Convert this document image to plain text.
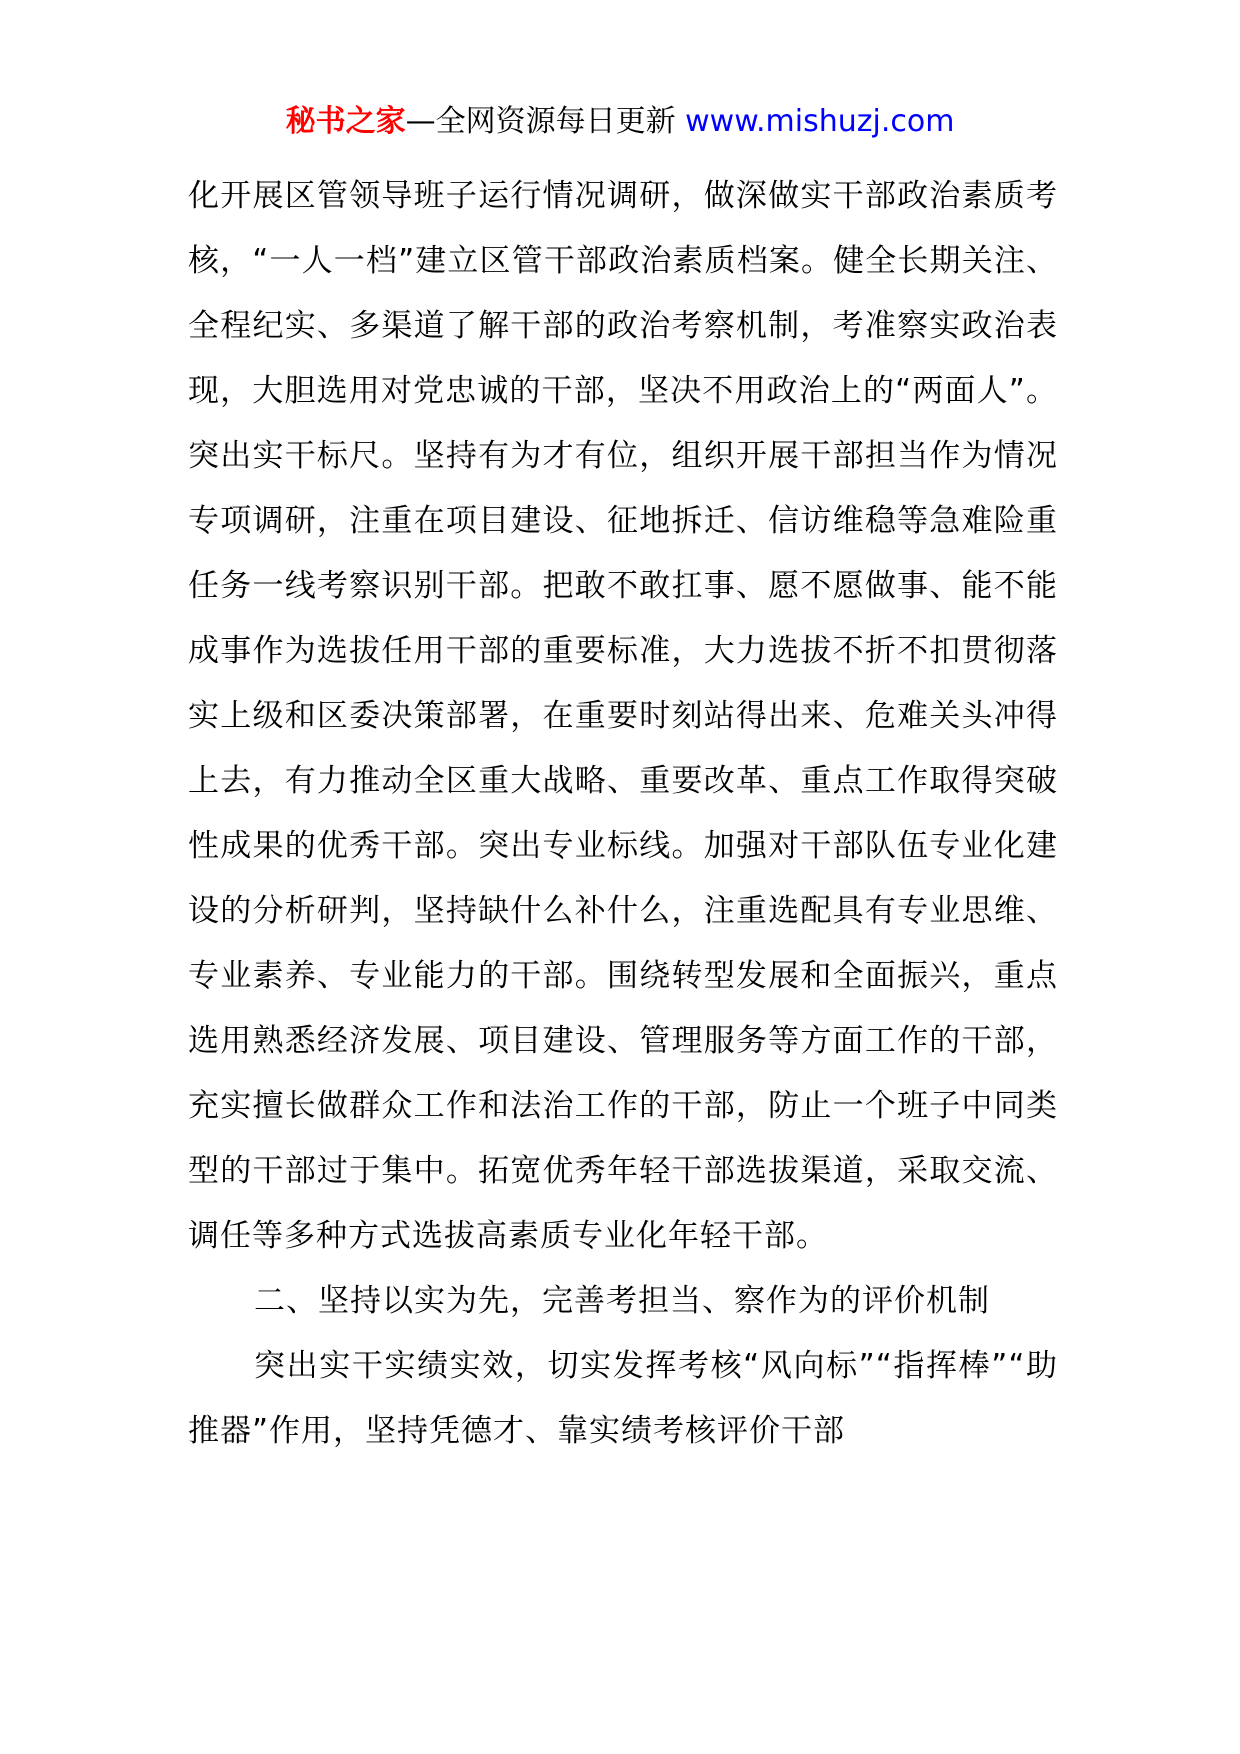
秘书之家—全网资源每日更新 www.mishuzj.com

化开展区管领导班子运行情况调研，做深做实干部政治素质考核，“一人一档”建立区管干部政治素质档案。健全长期关注、全程纪实、多渠道了解干部的政治考察机制，考准察实政治表现，大胆选用对党忠诚的干部，坚决不用政治上的“两面人”。突出实干标尺。坚持有为才有位，组织开展干部担当作为情况专项调研，注重在项目建设、征地拆迁、信访维稳等急难险重任务一线考察识别干部。把敢不敢扛事、愿不愿做事、能不能成事作为选拔任用干部的重要标准，大力选拔不折不扣贯彻落实上级和区委决策部署，在重要时刻站得出来、危难关头冲得上去，有力推动全区重大战略、重要改革、重点工作取得突破性成果的优秀干部。突出专业标线。加强对干部队伍专业化建设的分析研判，坚持缺什么补什么，注重选配具有专业思维、专业素养、专业能力的干部。围绕转型发展和全面振兴，重点选用熟悉经济发展、项目建设、管理服务等方面工作的干部，充实擅长做群众工作和法治工作的干部，防止一个班子中同类型的干部过于集中。拓宽优秀年轻干部选拔渠道，采取交流、调任等多种方式选拔高素质专业化年轻干部。

二、坚持以实为先，完善考担当、察作为的评价机制

突出实干实绩实效，切实发挥考核“风向标”“指挥棒”“助推器”作用，坚持凭德才、靠实绩考核评价干部
